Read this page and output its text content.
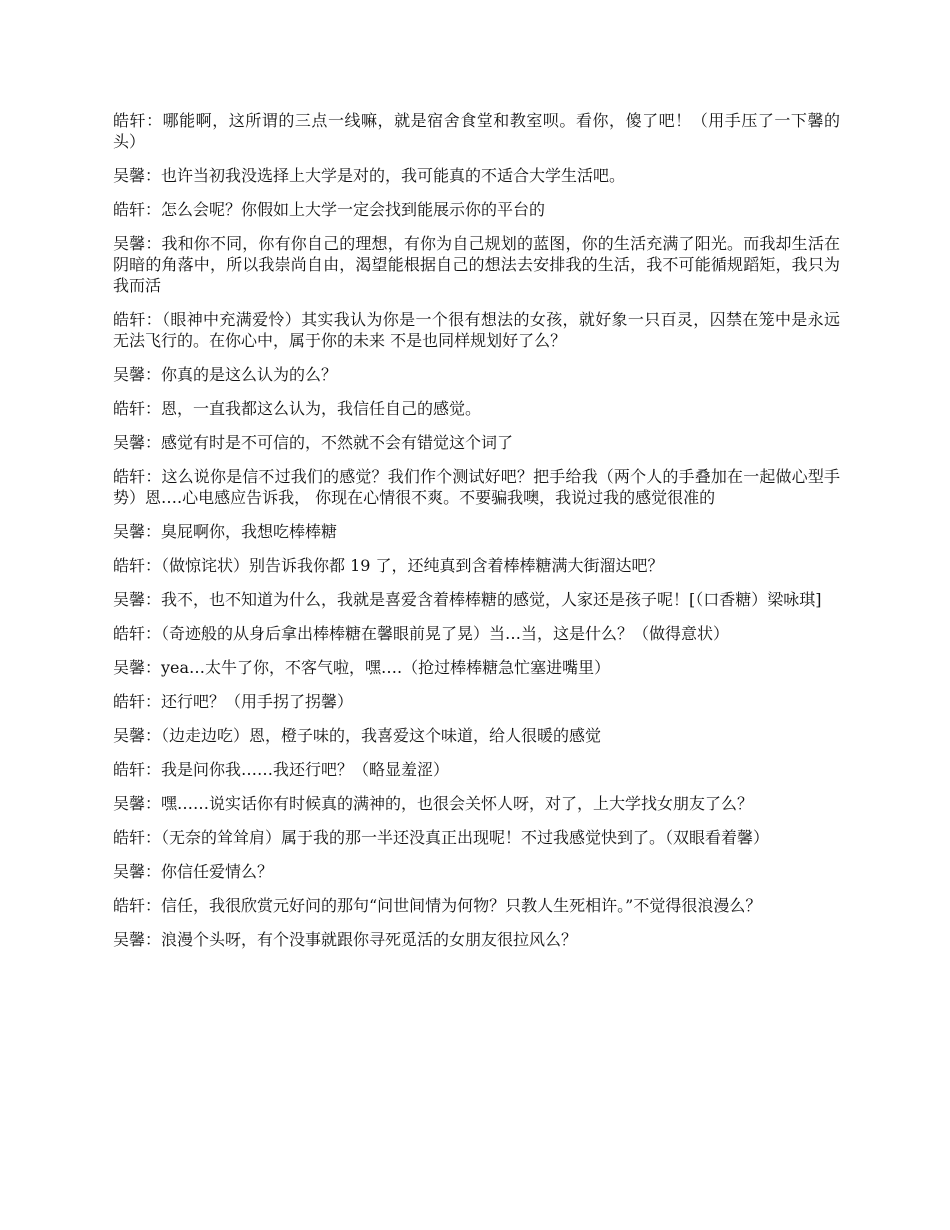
皓轩：哪能啊，这所谓的三点一线嘛，就是宿舍食堂和教室呗。看你，傻了吧！（用手压了一下馨的头）

吴馨：也许当初我没选择上大学是对的，我可能真的不适合大学生活吧。

皓轩：怎么会呢？你假如上大学一定会找到能展示你的平台的

吴馨：我和你不同，你有你自己的理想，有你为自己规划的蓝图，你的生活充满了阳光。而我却生活在阴暗的角落中，所以我崇尚自由，渴望能根据自己的想法去安排我的生活，我不可能循规蹈矩，我只为我而活

皓轩：（眼神中充满爱怜）其实我认为你是一个很有想法的女孩，就好象一只百灵，囚禁在笼中是永远无法飞行的。在你心中，属于你的未来 不是也同样规划好了么？

吴馨：你真的是这么认为的么？

皓轩：恩，一直我都这么认为，我信任自己的感觉。

吴馨：感觉有时是不可信的，不然就不会有错觉这个词了

皓轩：这么说你是信不过我们的感觉？我们作个测试好吧？把手给我（两个人的手叠加在一起做心型手势）恩….心电感应告诉我， 你现在心情很不爽。不要骗我噢，我说过我的感觉很准的

吴馨：臭屁啊你，我想吃棒棒糖

皓轩：（做惊诧状）别告诉我你都 19 了，还纯真到含着棒棒糖满大街溜达吧？

吴馨：我不，也不知道为什么，我就是喜爱含着棒棒糖的感觉，人家还是孩子呢！[（口香糖）梁咏琪]

皓轩：（奇迹般的从身后拿出棒棒糖在馨眼前晃了晃）当…当，这是什么？（做得意状）

吴馨：yea…太牛了你，不客气啦，嘿….（抢过棒棒糖急忙塞进嘴里）

皓轩：还行吧？（用手拐了拐馨）

吴馨：（边走边吃）恩，橙子味的，我喜爱这个味道，给人很暖的感觉

皓轩：我是问你我……我还行吧？（略显羞涩）

吴馨：嘿……说实话你有时候真的满神的，也很会关怀人呀，对了，上大学找女朋友了么？

皓轩：（无奈的耸耸肩）属于我的那一半还没真正出现呢！不过我感觉快到了。（双眼看着馨）

吴馨：你信任爱情么？

皓轩：信任，我很欣赏元好问的那句“问世间情为何物？只教人生死相许。”不觉得很浪漫么？

吴馨：浪漫个头呀，有个没事就跟你寻死觅活的女朋友很拉风么？
